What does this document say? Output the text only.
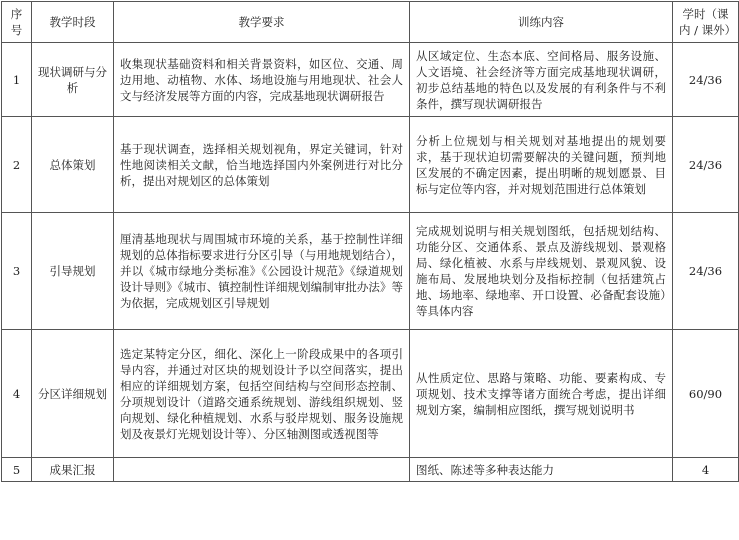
序号	教学时段	教学要求	训练内容	学时（课内 / 课外）
1	现状调研与分析	收集现状基础资料和相关背景资料，如区位、交通、周边用地、动植物、水体、场地设施与用地现状、社会人文与经济发展等方面的内容，完成基地现状调研报告	从区域定位、生态本底、空间格局、服务设施、人文语境、社会经济等方面完成基地现状调研，初步总结基地的特色以及发展的有利条件与不利条件，撰写现状调研报告	24/36
2	总体策划	基于现状调查，选择相关规划视角，界定关键词，针对性地阅读相关文献，恰当地选择国内外案例进行对比分析，提出对规划区的总体策划	分析上位规划与相关规划对基地提出的规划要求，基于现状迫切需要解决的关键问题，预判地区发展的不确定因素，提出明晰的规划愿景、目标与定位等内容，并对规划范围进行总体策划	24/36
3	引导规划	厘清基地现状与周围城市环境的关系，基于控制性详细规划的总体指标要求进行分区引导（与用地规划结合），并以《城市绿地分类标准》《公园设计规范》《绿道规划设计导则》《城市、镇控制性详细规划编制审批办法》等为依据，完成规划区引导规划	完成规划说明与相关规划图纸，包括规划结构、功能分区、交通体系、景点及游线规划、景观格局、绿化植被、水系与岸线规划、景观风貌、设施布局、发展地块划分及指标控制（包括建筑占地、场地率、绿地率、开口设置、必备配套设施）等具体内容	24/36
4	分区详细规划	选定某特定分区，细化、深化上一阶段成果中的各项引导内容，并通过对区块的规划设计予以空间落实，提出相应的详细规划方案，包括空间结构与空间形态控制、分项规划设计（道路交通系统规划、游线组织规划、竖向规划、绿化种植规划、水系与驳岸规划、服务设施规划及夜景灯光规划设计等）、分区轴测图或透视图等	从性质定位、思路与策略、功能、要素构成、专项规划、技术支撑等诸方面统合考虑，提出详细规划方案，编制相应图纸，撰写规划说明书	60/90
5	成果汇报		图纸、陈述等多种表达能力	4
